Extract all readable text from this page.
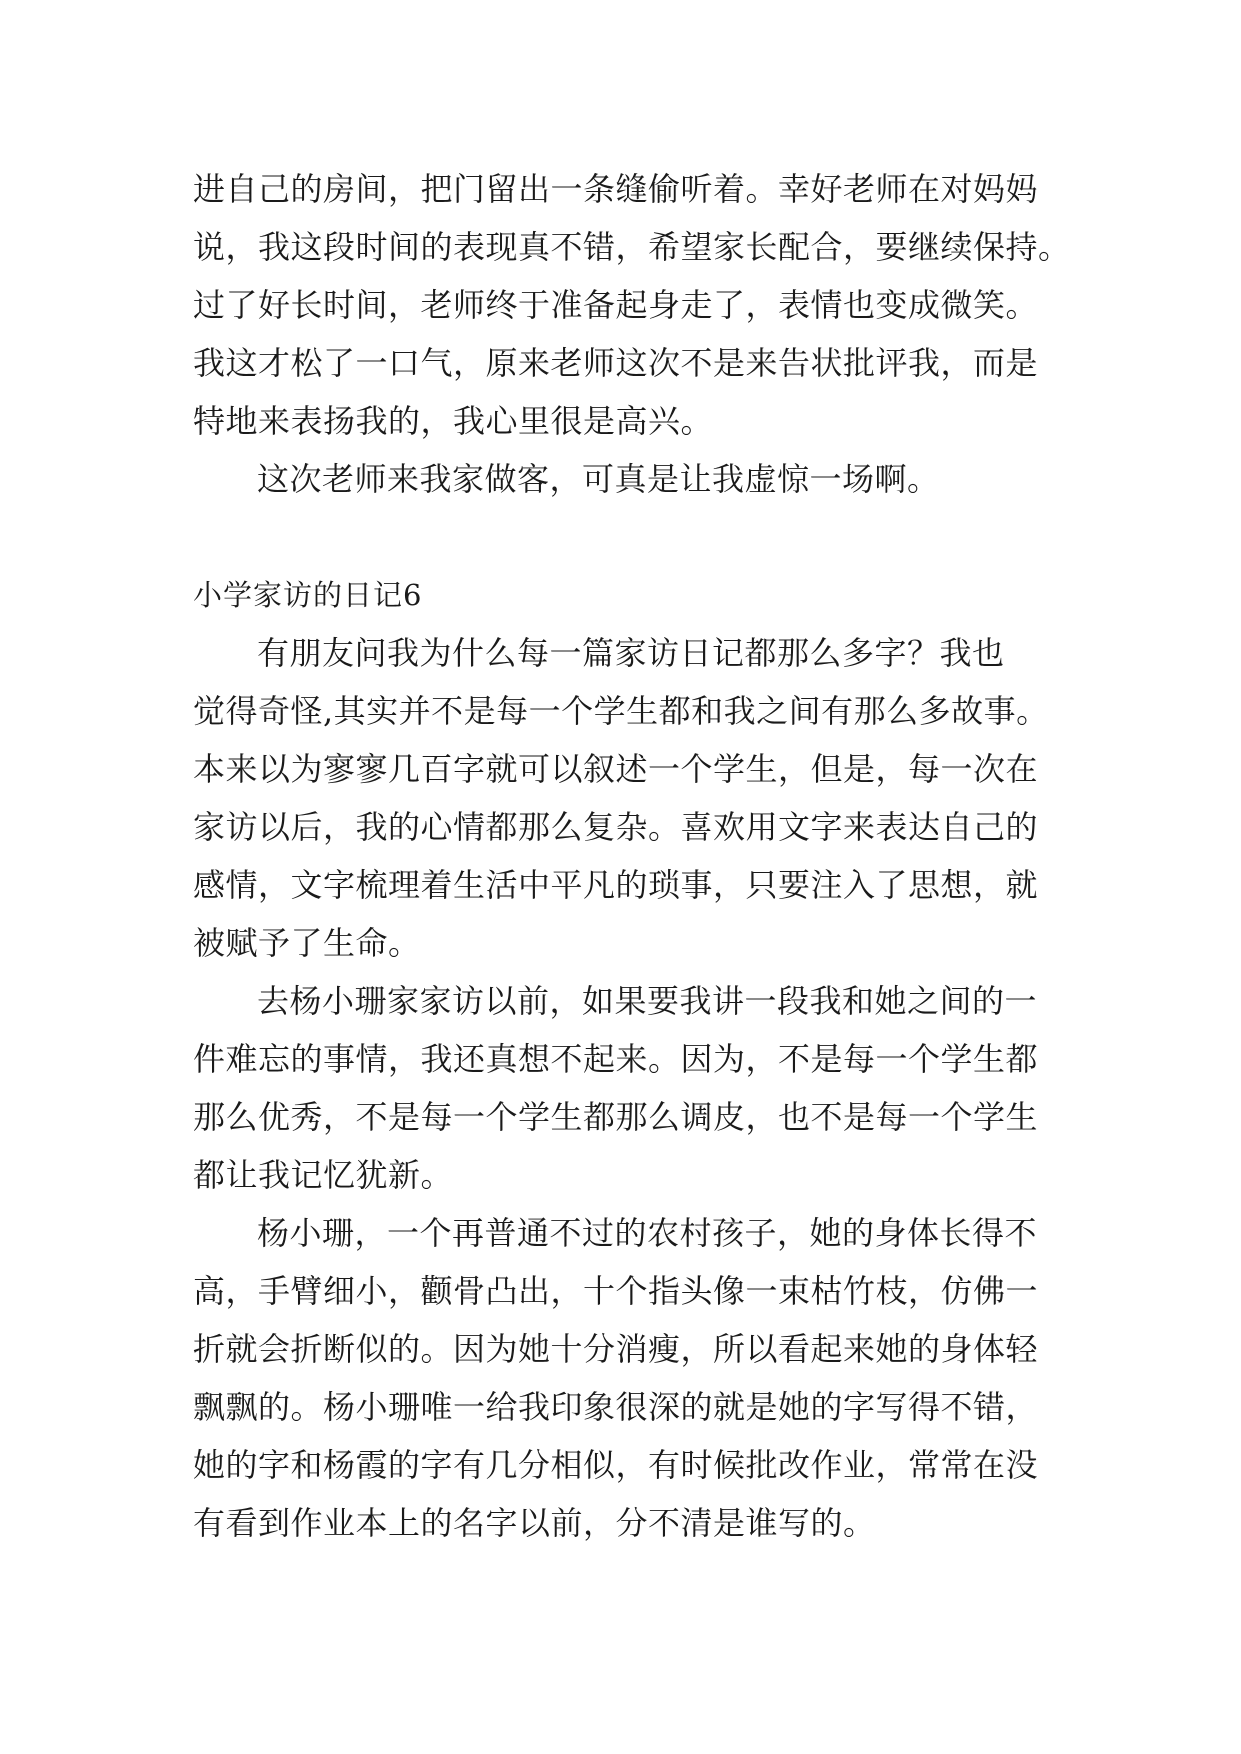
进自己的房间，把门留出一条缝偷听着。幸好老师在对妈妈
说，我这段时间的表现真不错，希望家长配合，要继续保持。
过了好长时间，老师终于准备起身走了，表情也变成微笑。
我这才松了一口气，原来老师这次不是来告状批评我，而是
特地来表扬我的，我心里很是高兴。
这次老师来我家做客，可真是让我虚惊一场啊。
小学家访的日记6
有朋友问我为什么每一篇家访日记都那么多字？我也
觉得奇怪,其实并不是每一个学生都和我之间有那么多故事。
本来以为寥寥几百字就可以叙述一个学生，但是，每一次在
家访以后，我的心情都那么复杂。喜欢用文字来表达自己的
感情，文字梳理着生活中平凡的琐事，只要注入了思想，就
被赋予了生命。
去杨小珊家家访以前，如果要我讲一段我和她之间的一
件难忘的事情，我还真想不起来。因为，不是每一个学生都
那么优秀，不是每一个学生都那么调皮，也不是每一个学生
都让我记忆犹新。
杨小珊，一个再普通不过的农村孩子，她的身体长得不
高，手臂细小，颧骨凸出，十个指头像一束枯竹枝，仿佛一
折就会折断似的。因为她十分消瘦，所以看起来她的身体轻
飘飘的。杨小珊唯一给我印象很深的就是她的字写得不错，
她的字和杨霞的字有几分相似，有时候批改作业，常常在没
有看到作业本上的名字以前，分不清是谁写的。
